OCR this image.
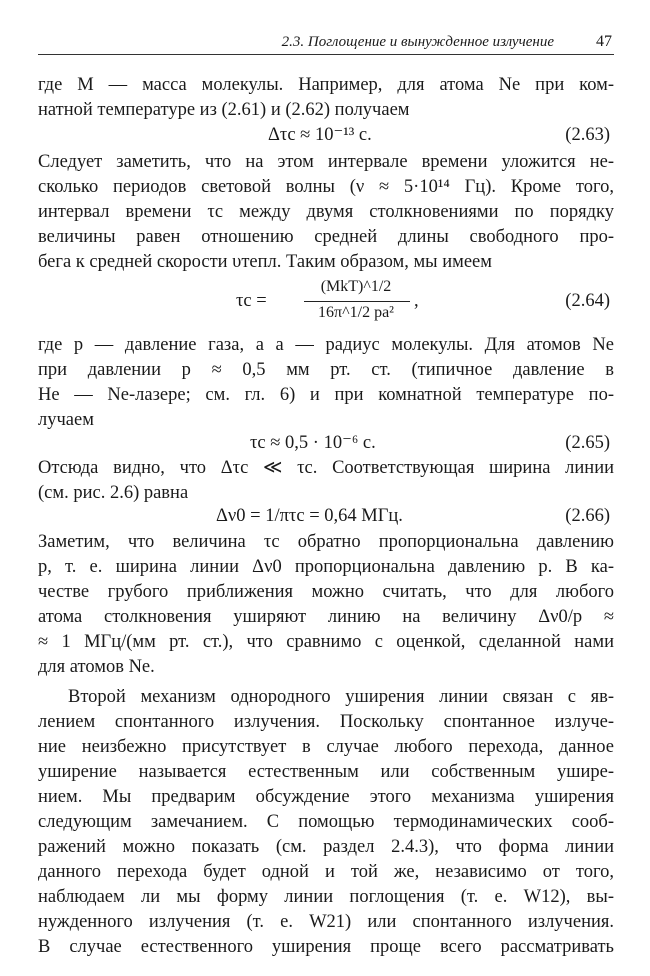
2.3. Поглощение и вынужденное излучение	47
где M — масса молекулы. Например, для атома Ne при ком-
натной температуре из (2.61) и (2.62) получаем
Δτc ≈ 10⁻¹³ с.	(2.63)
Следует заметить, что на этом интервале времени уложится не-
сколько периодов световой волны (ν ≈ 5·10¹⁴ Гц). Кроме того,
интервал времени τc между двумя столкновениями по порядку
величины равен отношению средней длины свободного про-
бега к средней скорости υтепл. Таким образом, мы имеем
τc =
(MkT)^1/2
16π^1/2 pa²
,	(2.64)
где p — давление газа, а a — радиус молекулы. Для атомов Ne
при давлении p ≈ 0,5 мм рт. ст. (типичное давление в
He — Ne-лазере; см. гл. 6) и при комнатной температуре по-
лучаем
τc ≈ 0,5 · 10⁻⁶ с.	(2.65)
Отсюда видно, что Δτc ≪ τc. Соответствующая ширина линии
(см. рис. 2.6) равна
Δν0 = 1/πτc = 0,64 МГц.	(2.66)
Заметим, что величина τc обратно пропорциональна давлению
p, т. е. ширина линии Δν0 пропорциональна давлению p. В ка-
честве грубого приближения можно считать, что для любого
атома столкновения уширяют линию на величину Δν0/p ≈
≈ 1 МГц/(мм рт. ст.), что сравнимо с оценкой, сделанной нами
для атомов Ne.
Второй механизм однородного уширения линии связан с яв-
лением спонтанного излучения. Поскольку спонтанное излуче-
ние неизбежно присутствует в случае любого перехода, данное
уширение называется естественным или собственным уширe-
нием. Мы предварим обсуждение этого механизма уширения
следующим замечанием. С помощью термодинамических сооб-
ражений можно показать (см. раздел 2.4.3), что форма линии
данного перехода будет одной и той же, независимо от того,
наблюдаем ли мы форму линии поглощения (т. е. W12), вы-
нужденного излучения (т. е. W21) или спонтанного излучения.
В случае естественного уширения проще всего рассматривать
